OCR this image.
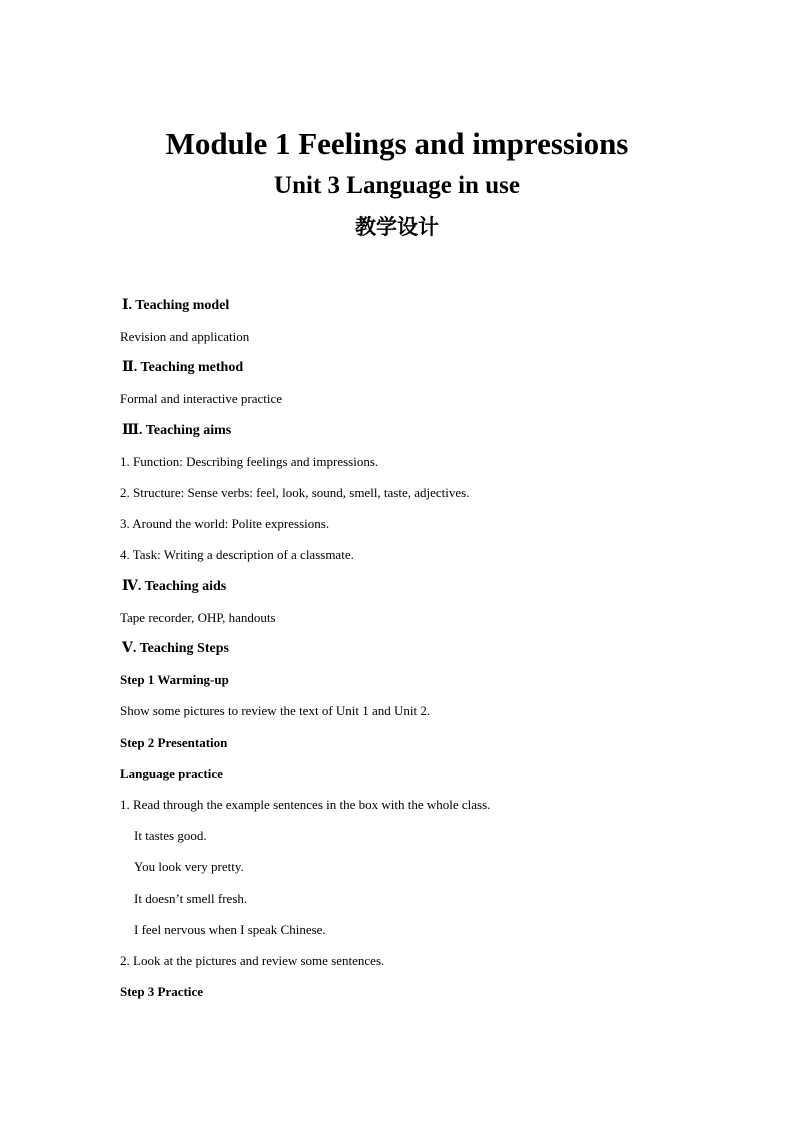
Module 1 Feelings and impressions
Unit 3 Language in use
教学设计
Ⅰ. Teaching model
Revision and application
Ⅱ. Teaching method
Formal and interactive practice
Ⅲ. Teaching aims
1. Function: Describing feelings and impressions.
2. Structure: Sense verbs: feel, look, sound, smell, taste, adjectives.
3. Around the world: Polite expressions.
4. Task: Writing a description of a classmate.
Ⅳ. Teaching aids
Tape recorder, OHP, handouts
Ⅴ. Teaching Steps
Step 1 Warming-up
Show some pictures to review the text of Unit 1 and Unit 2.
Step 2 Presentation
Language practice
1. Read through the example sentences in the box with the whole class.
It tastes good.
You look very pretty.
It doesn’t smell fresh.
I feel nervous when I speak Chinese.
2. Look at the pictures and review some sentences.
Step 3 Practice
